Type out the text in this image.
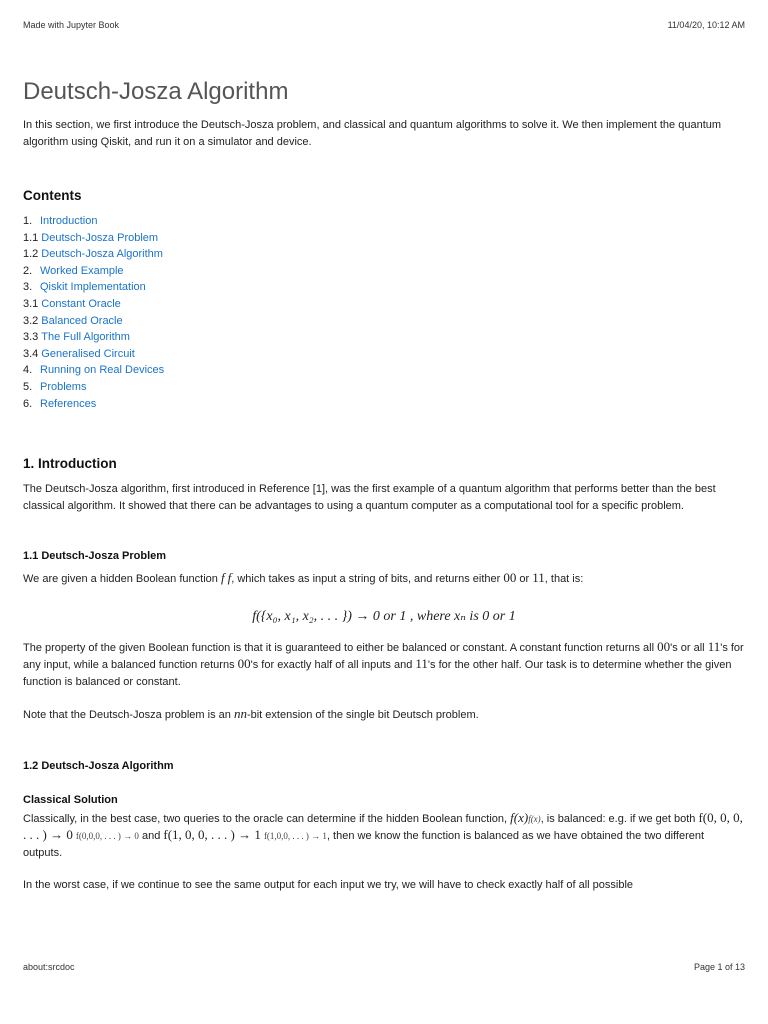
Made with Jupyter Book	11/04/20, 10:12 AM
Deutsch-Josza Algorithm

In this section, we first introduce the Deutsch-Josza problem, and classical and quantum algorithms to solve it. We then implement the quantum algorithm using Qiskit, and run it on a simulator and device.

Contents
1. Introduction
1.1 Deutsch-Josza Problem
1.2 Deutsch-Josza Algorithm
2. Worked Example
3. Qiskit Implementation
3.1 Constant Oracle
3.2 Balanced Oracle
3.3 The Full Algorithm
3.4 Generalised Circuit
4. Running on Real Devices
5. Problems
6. References
1. Introduction

The Deutsch-Josza algorithm, first introduced in Reference [1], was the first example of a quantum algorithm that performs better than the best classical algorithm. It showed that there can be advantages to using a quantum computer as a computational tool for a specific problem.

1.1 Deutsch-Josza Problem

We are given a hidden Boolean function f f, which takes as input a string of bits, and returns either 00 or 11, that is:

f({x₀, x₁, x₂, . . . }) → 0 or 1 , where xₙ is 0 or 1

The property of the given Boolean function is that it is guaranteed to either be balanced or constant. A constant function returns all 00's or all 11's for any input, while a balanced function returns 00's for exactly half of all inputs and 11's for the other half. Our task is to determine whether the given function is balanced or constant.

Note that the Deutsch-Josza problem is an nn-bit extension of the single bit Deutsch problem.

1.2 Deutsch-Josza Algorithm
Classical Solution

Classically, in the best case, two queries to the oracle can determine if the hidden Boolean function, f(x)f(x), is balanced: e.g. if we get both f(0, 0, 0, . . . ) → 0 f(0,0,0, . . . ) → 0 and f(1, 0, 0, . . . ) → 1 f(1,0,0, . . . ) → 1, then we know the function is balanced as we have obtained the two different outputs.

In the worst case, if we continue to see the same output for each input we try, we will have to check exactly half of all possible

about:srcdoc	Page 1 of 13
